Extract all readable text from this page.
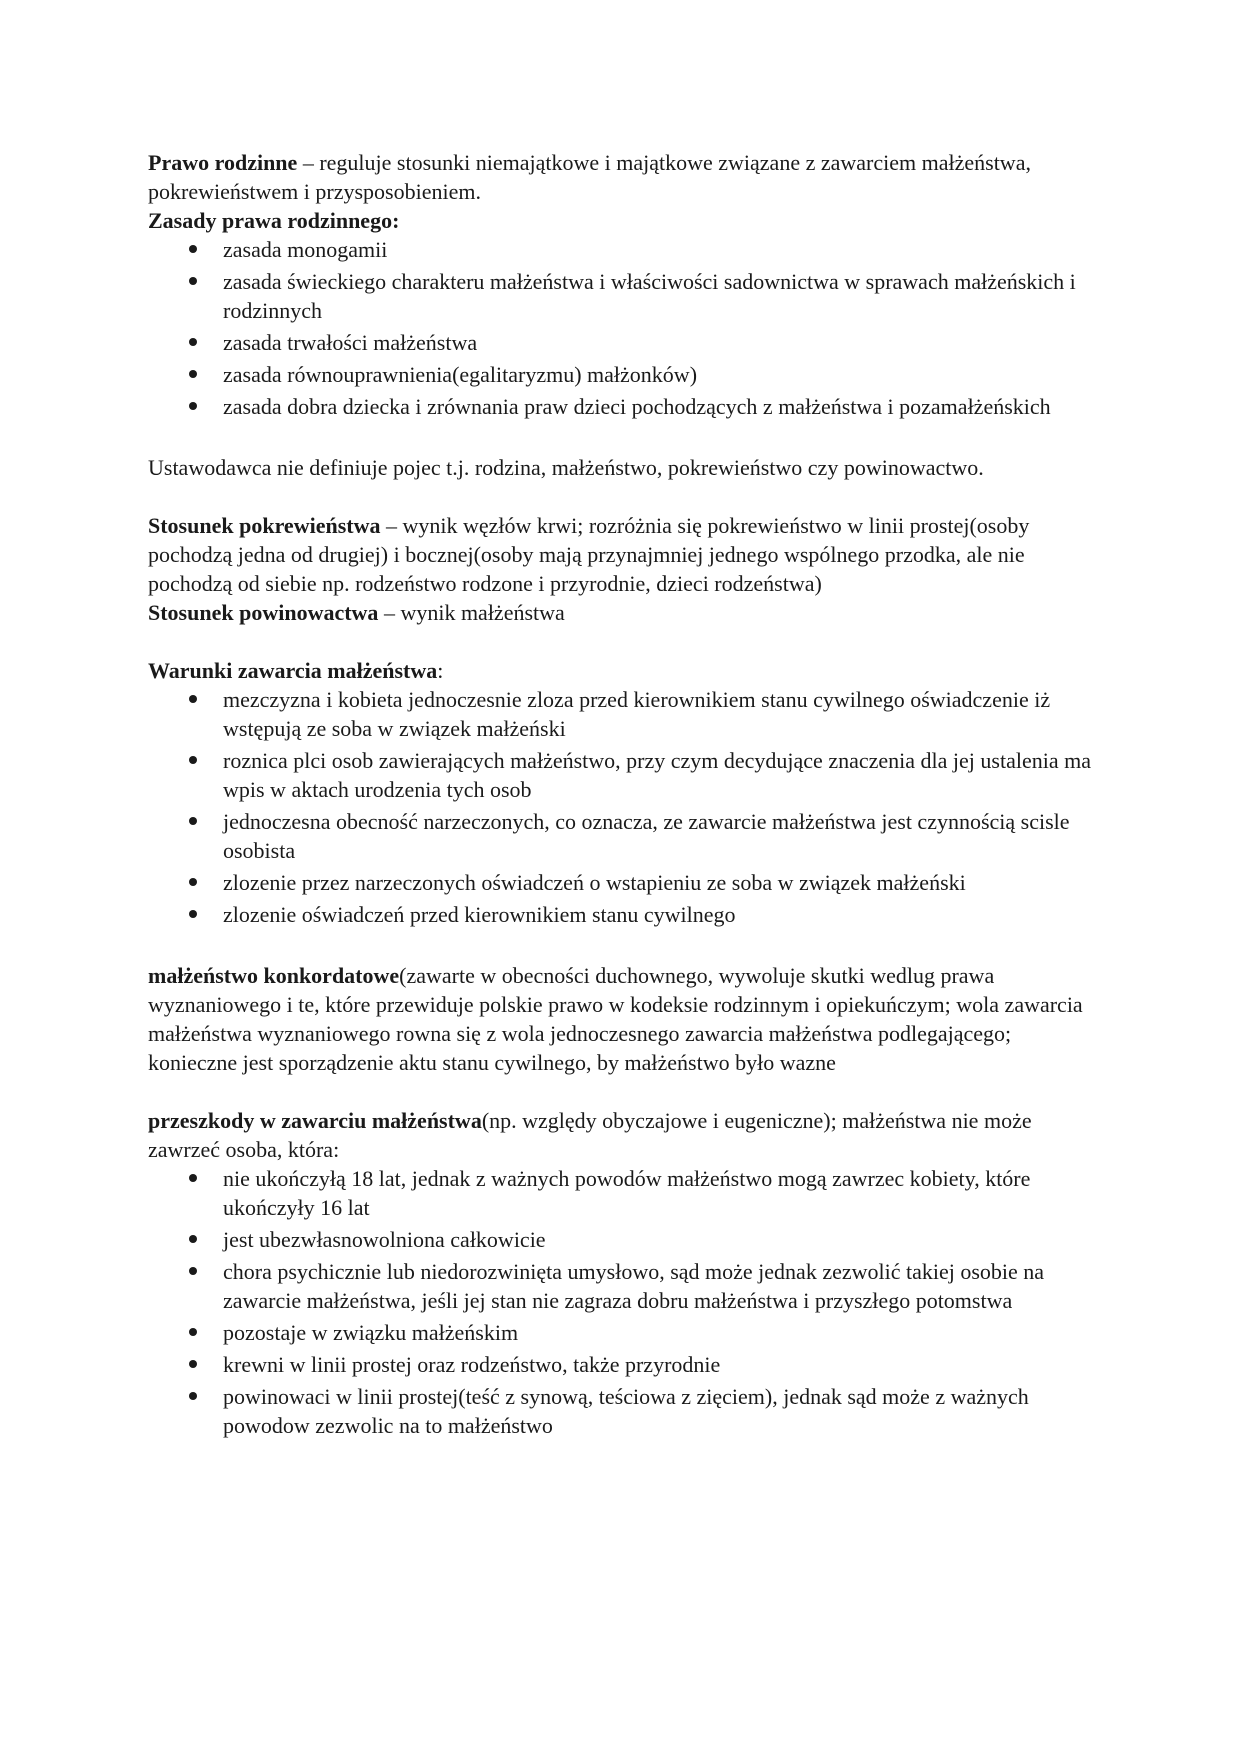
Prawo rodzinne – reguluje stosunki niemajątkowe i majątkowe związane z zawarciem małżeństwa, pokrewieństwem i przysposobieniem.

Zasady prawa rodzinnego:

zasada monogamii
zasada świeckiego charakteru małżeństwa i właściwości sadownictwa w sprawach małżeńskich i rodzinnych
zasada trwałości małżeństwa
zasada równouprawnienia(egalitaryzmu) małżonków)
zasada dobra dziecka i zrównania praw dzieci pochodzących z małżeństwa i pozamałżeńskich

Ustawodawca nie definiuje pojec t.j. rodzina, małżeństwo, pokrewieństwo czy powinowactwo.

Stosunek pokrewieństwa – wynik węzłów krwi; rozróżnia się pokrewieństwo w linii prostej(osoby pochodzą jedna od drugiej) i bocznej(osoby mają przynajmniej jednego wspólnego przodka, ale nie pochodzą od siebie np. rodzeństwo rodzone i przyrodnie, dzieci rodzeństwa)

Stosunek powinowactwa – wynik małżeństwa

Warunki zawarcia małżeństwa:

mezczyzna i kobieta jednoczesnie zloza przed kierownikiem stanu cywilnego oświadczenie iż wstępują ze soba w związek małżeński
roznica plci osob zawierających małżeństwo, przy czym decydujące znaczenia dla jej ustalenia ma wpis w aktach urodzenia tych osob
jednoczesna obecność narzeczonych, co oznacza, ze zawarcie małżeństwa jest czynnością scisle osobista
zlozenie przez narzeczonych oświadczeń o wstapieniu ze soba w związek małżeński
zlozenie oświadczeń przed kierownikiem stanu cywilnego

małżeństwo konkordatowe(zawarte w obecności duchownego, wywoluje skutki wedlug prawa wyznaniowego i te, które przewiduje polskie prawo w kodeksie rodzinnym i opiekuńczym; wola zawarcia małżeństwa wyznaniowego rowna się z wola jednoczesnego zawarcia małżeństwa podlegającego; konieczne jest sporządzenie aktu stanu cywilnego, by małżeństwo było wazne

przeszkody w zawarciu małżeństwa(np. względy obyczajowe i eugeniczne); małżeństwa nie może zawrzeć osoba, która:

nie ukończyłą 18 lat, jednak z ważnych powodów małżeństwo mogą zawrzec kobiety, które ukończyły 16 lat
jest ubezwłasnowolniona całkowicie
chora psychicznie lub niedorozwinięta umysłowo, sąd może jednak zezwolić takiej osobie na zawarcie małżeństwa, jeśli jej stan nie zagraza dobru małżeństwa i przyszłego potomstwa
pozostaje w związku małżeńskim
krewni w linii prostej oraz rodzeństwo, także przyrodnie
powinowaci w linii prostej(teść z synową, teściowa z zięciem), jednak sąd może z ważnych powodow zezwolic na to małżeństwo
